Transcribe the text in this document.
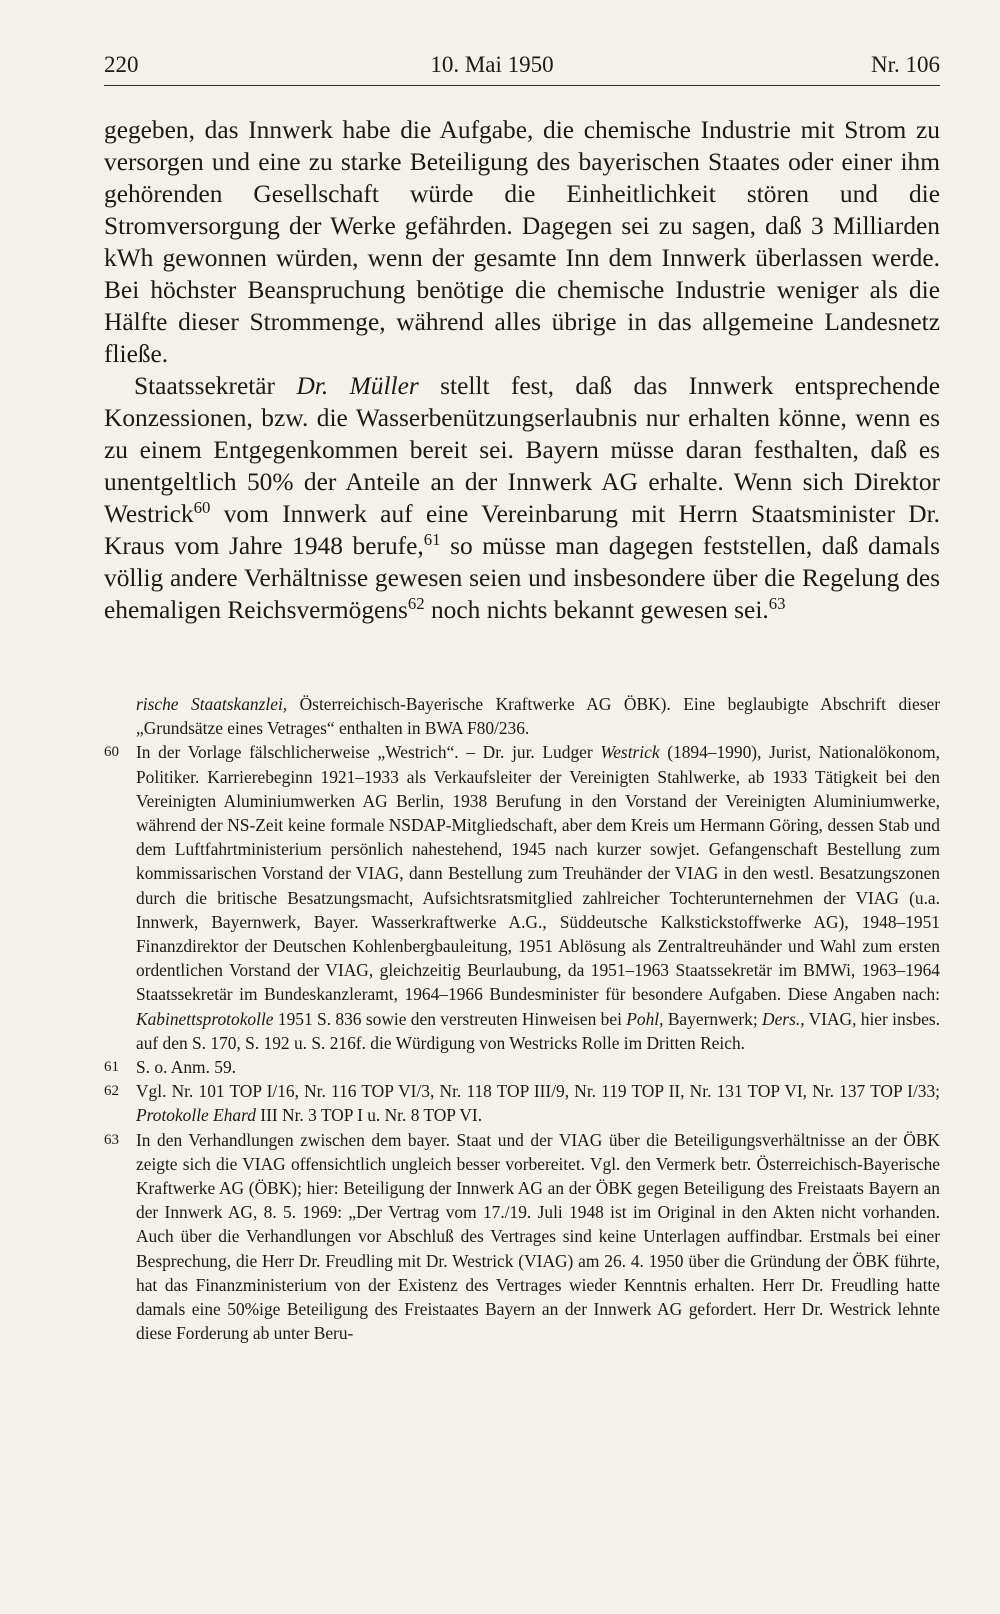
220	10. Mai 1950	Nr. 106

gegeben, das Innwerk habe die Aufgabe, die chemische Industrie mit Strom zu versorgen und eine zu starke Beteiligung des bayerischen Staates oder einer ihm gehörenden Gesellschaft würde die Einheitlichkeit stören und die Stromversorgung der Werke gefährden. Dagegen sei zu sagen, daß 3 Milliarden kWh gewonnen würden, wenn der gesamte Inn dem Innwerk überlassen werde. Bei höchster Beanspruchung benötige die chemische Industrie weniger als die Hälfte dieser Strommenge, während alles übrige in das allgemeine Landesnetz fließe.

Staatssekretär Dr. Müller stellt fest, daß das Innwerk entsprechende Konzessionen, bzw. die Wasserbenützungserlaubnis nur erhalten könne, wenn es zu einem Entgegenkommen bereit sei. Bayern müsse daran festhalten, daß es unentgeltlich 50% der Anteile an der Innwerk AG erhalte. Wenn sich Direktor Westrick$^{60}$ vom Innwerk auf eine Vereinbarung mit Herrn Staatsminister Dr. Kraus vom Jahre 1948 berufe,$^{61}$ so müsse man dagegen feststellen, daß damals völlig andere Verhältnisse gewesen seien und insbesondere über die Regelung des ehemaligen Reichsvermögens$^{62}$ noch nichts bekannt gewesen sei.$^{63}$

rische Staatskanzlei, Österreichisch-Bayerische Kraftwerke AG ÖBK). Eine beglaubigte Abschrift dieser „Grundsätze eines Vetrages“ enthalten in BWA F80/236.
60 In der Vorlage fälschlicherweise „Westrich“. – Dr. jur. Ludger Westrick (1894–1990), Jurist, Nationalökonom, Politiker. Karrierebeginn 1921–1933 als Verkaufsleiter der Vereinigten Stahlwerke, ab 1933 Tätigkeit bei den Vereinigten Aluminiumwerken AG Berlin, 1938 Berufung in den Vorstand der Vereinigten Aluminiumwerke, während der NS-Zeit keine formale NSDAP-Mitgliedschaft, aber dem Kreis um Hermann Göring, dessen Stab und dem Luftfahrtministerium persönlich nahestehend, 1945 nach kurzer sowjet. Gefangenschaft Bestellung zum kommissarischen Vorstand der VIAG, dann Bestellung zum Treuhänder der VIAG in den westl. Besatzungszonen durch die britische Besatzungsmacht, Aufsichtsratsmitglied zahlreicher Tochterunternehmen der VIAG (u.a. Innwerk, Bayernwerk, Bayer. Wasserkraftwerke A.G., Süddeutsche Kalkstickstoffwerke AG), 1948–1951 Finanzdirektor der Deutschen Kohlenbergbauleitung, 1951 Ablösung als Zentraltreuhänder und Wahl zum ersten ordentlichen Vorstand der VIAG, gleichzeitig Beurlaubung, da 1951–1963 Staatssekretär im BMWi, 1963–1964 Staatssekretär im Bundeskanzleramt, 1964–1966 Bundesminister für besondere Aufgaben. Diese Angaben nach: Kabinettsprotokolle 1951 S. 836 sowie den verstreuten Hinweisen bei Pohl, Bayernwerk; Ders., VIAG, hier insbes. auf den S. 170, S. 192 u. S. 216f. die Würdigung von Westricks Rolle im Dritten Reich.
61 S. o. Anm. 59.
62 Vgl. Nr. 101 TOP I/16, Nr. 116 TOP VI/3, Nr. 118 TOP III/9, Nr. 119 TOP II, Nr. 131 TOP VI, Nr. 137 TOP I/33; Protokolle Ehard III Nr. 3 TOP I u. Nr. 8 TOP VI.
63 In den Verhandlungen zwischen dem bayer. Staat und der VIAG über die Beteiligungsverhältnisse an der ÖBK zeigte sich die VIAG offensichtlich ungleich besser vorbereitet. Vgl. den Vermerk betr. Österreichisch-Bayerische Kraftwerke AG (ÖBK); hier: Beteiligung der Innwerk AG an der ÖBK gegen Beteiligung des Freistaats Bayern an der Innwerk AG, 8. 5. 1969: „Der Vertrag vom 17./19. Juli 1948 ist im Original in den Akten nicht vorhanden. Auch über die Verhandlungen vor Abschluß des Vertrages sind keine Unterlagen auffindbar. Erstmals bei einer Besprechung, die Herr Dr. Freudling mit Dr. Westrick (VIAG) am 26. 4. 1950 über die Gründung der ÖBK führte, hat das Finanzministerium von der Existenz des Vertrages wieder Kenntnis erhalten. Herr Dr. Freudling hatte damals eine 50%ige Beteiligung des Freistaates Bayern an der Innwerk AG gefordert. Herr Dr. Westrick lehnte diese Forderung ab unter Beru-
